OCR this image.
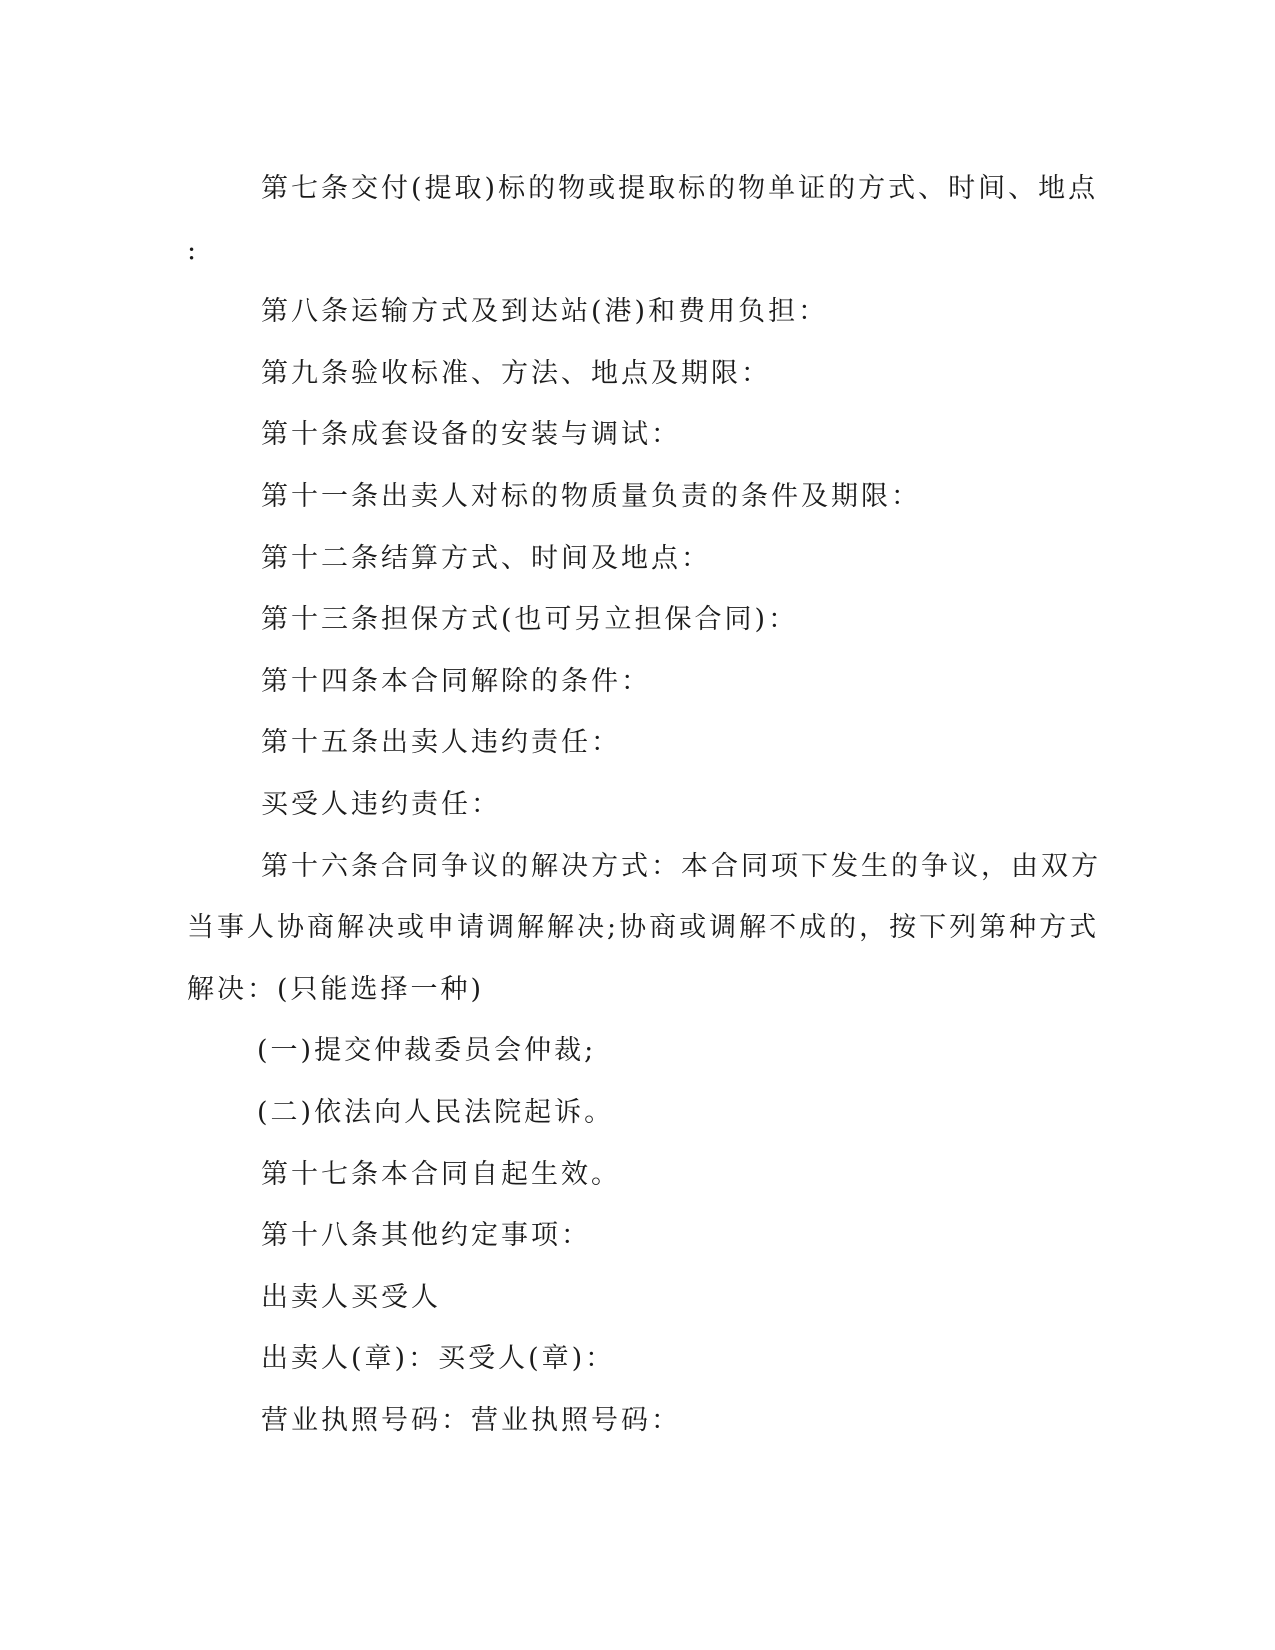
第七条交付(提取)标的物或提取标的物单证的方式、时间、地点
:
第八条运输方式及到达站(港)和费用负担：
第九条验收标准、方法、地点及期限：
第十条成套设备的安装与调试：
第十一条出卖人对标的物质量负责的条件及期限：
第十二条结算方式、时间及地点：
第十三条担保方式(也可另立担保合同)：
第十四条本合同解除的条件：
第十五条出卖人违约责任：
买受人违约责任：
第十六条合同争议的解决方式：本合同项下发生的争议，由双方
当事人协商解决或申请调解解决;协商或调解不成的，按下列第种方式
解决：(只能选择一种)
(一)提交仲裁委员会仲裁;
(二)依法向人民法院起诉。
第十七条本合同自起生效。
第十八条其他约定事项：
出卖人买受人
出卖人(章)：买受人(章)：
营业执照号码：营业执照号码：
